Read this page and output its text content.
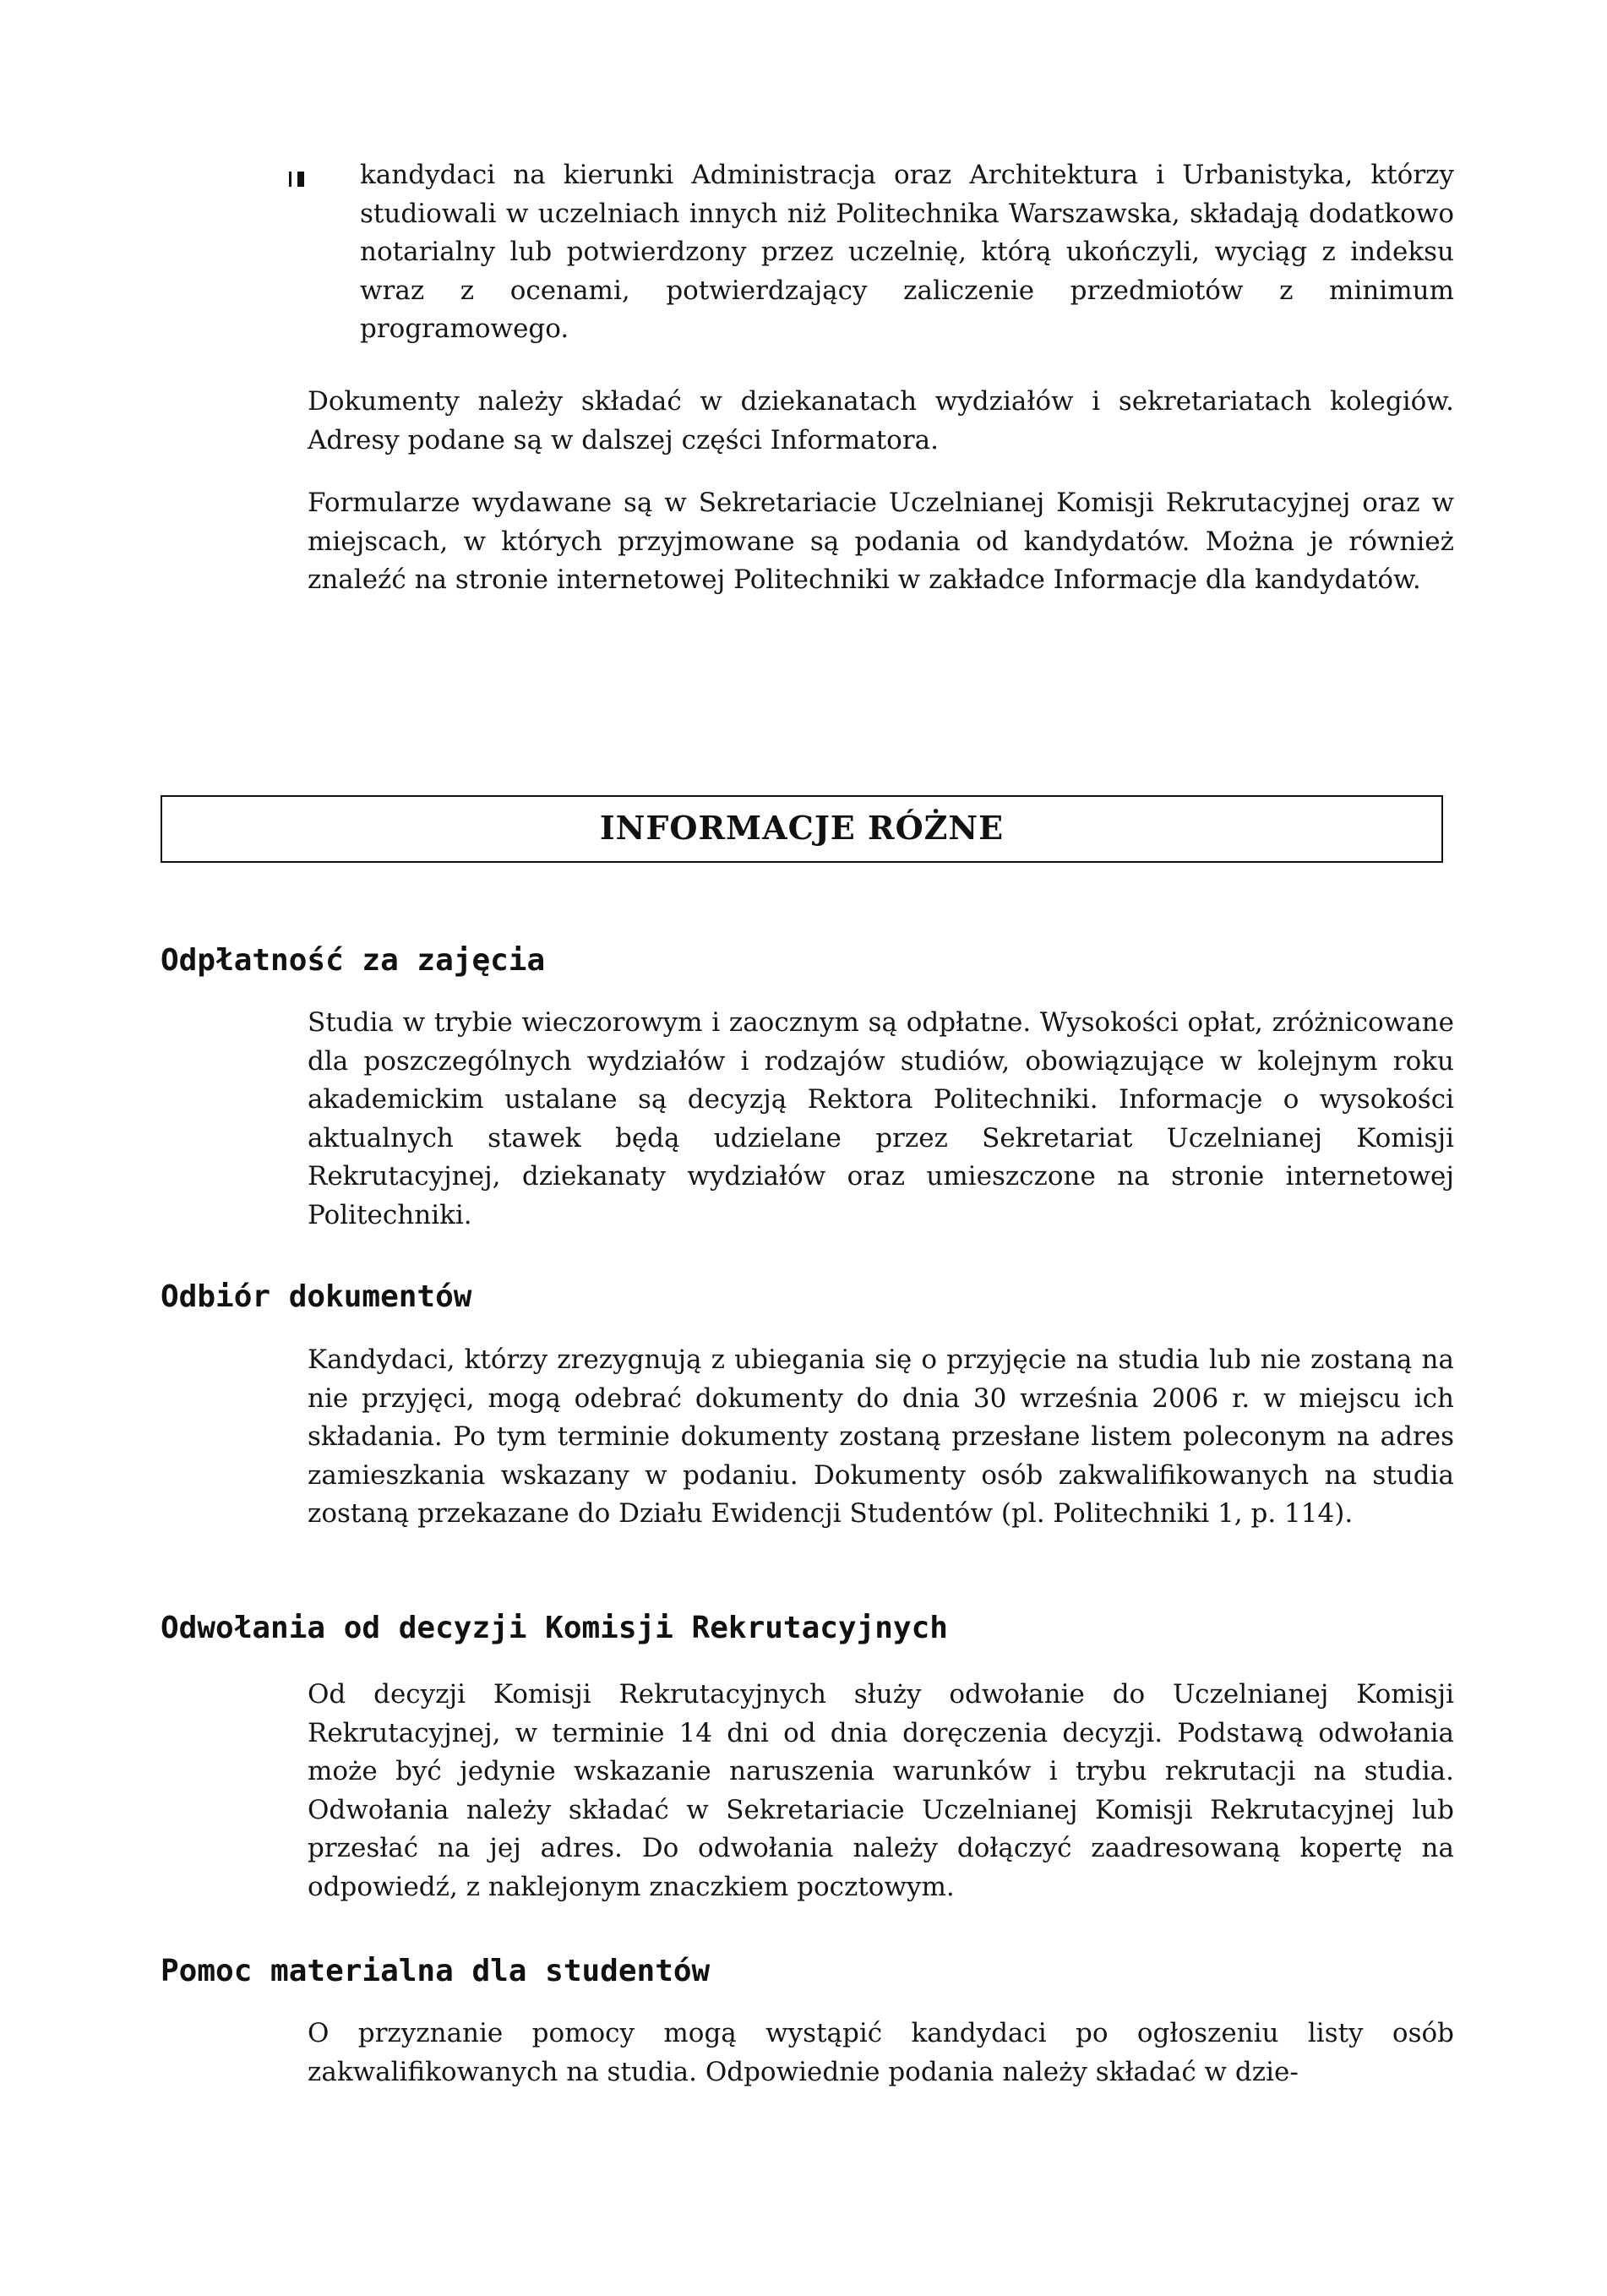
kandydaci na kierunki Administracja oraz Architektura i Urbanistyka, którzy studiowali w uczelniach innych niż Politechnika Warszawska, składają dodatkowo notarialny lub potwierdzony przez uczelnię, którą ukończyli, wyciąg z indeksu wraz z ocenami, potwierdzający zaliczenie przedmiotów z minimum programowego.

Dokumenty należy składać w dziekanatach wydziałów i sekretariatach kolegiów. Adresy podane są w dalszej części Informatora.

Formularze wydawane są w Sekretariacie Uczelnianej Komisji Rekrutacyjnej oraz w miejscach, w których przyjmowane są podania od kandydatów. Można je również znaleźć na stronie internetowej Politechniki w zakładce Informacje dla kandydatów.

INFORMACJE RÓŻNE
Odpłatność za zajęcia

Studia w trybie wieczorowym i zaocznym są odpłatne. Wysokości opłat, zróżnicowane dla poszczególnych wydziałów i rodzajów studiów, obowiązujące w kolejnym roku akademickim ustalane są decyzją Rektora Politechniki. Informacje o wysokości aktualnych stawek będą udzielane przez Sekretariat Uczelnianej Komisji Rekrutacyjnej, dziekanaty wydziałów oraz umieszczone na stronie internetowej Politechniki.

Odbiór dokumentów

Kandydaci, którzy zrezygnują z ubiegania się o przyjęcie na studia lub nie zostaną na nie przyjęci, mogą odebrać dokumenty do dnia 30 września 2006 r. w miejscu ich składania. Po tym terminie dokumenty zostaną przesłane listem poleconym na adres zamieszkania wskazany w podaniu. Dokumenty osób zakwalifikowanych na studia zostaną przekazane do Działu Ewidencji Studentów (pl. Politechniki 1, p. 114).

Odwołania od decyzji Komisji Rekrutacyjnych

Od decyzji Komisji Rekrutacyjnych służy odwołanie do Uczelnianej Komisji Rekrutacyjnej, w terminie 14 dni od dnia doręczenia decyzji. Podstawą odwołania może być jedynie wskazanie naruszenia warunków i trybu rekrutacji na studia. Odwołania należy składać w Sekretariacie Uczelnianej Komisji Rekrutacyjnej lub przesłać na jej adres. Do odwołania należy dołączyć zaadresowaną kopertę na odpowiedź, z naklejonym znaczkiem pocztowym.

Pomoc materialna dla studentów

O przyznanie pomocy mogą wystąpić kandydaci po ogłoszeniu listy osób zakwalifikowanych na studia. Odpowiednie podania należy składać w dzie-
